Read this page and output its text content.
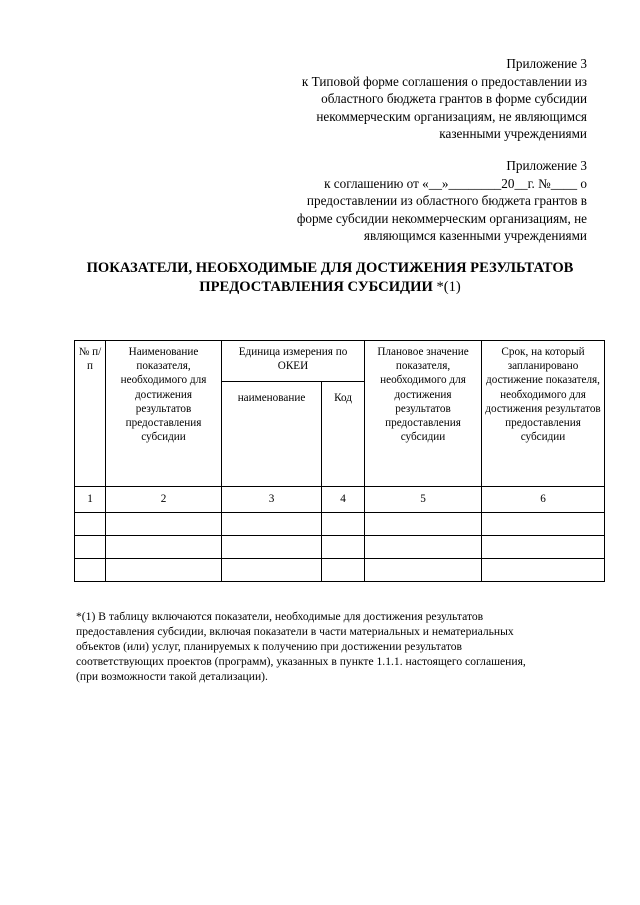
Приложение 3
к Типовой форме соглашения о предоставлении из
областного бюджета грантов в форме субсидии
некоммерческим организациям, не являющимся
казенными учреждениями
Приложение 3
к соглашению от «__»________20__г. №____ о
предоставлении из областного бюджета грантов в
форме субсидии некоммерческим организациям, не
являющимся казенными учреждениями
ПОКАЗАТЕЛИ, НЕОБХОДИМЫЕ ДЛЯ ДОСТИЖЕНИЯ РЕЗУЛЬТАТОВ
ПРЕДОСТАВЛЕНИЯ СУБСИДИИ *(1)
№ п/п	Наименование показателя, необходимого для достижения результатов предоставления субсидии	Единица измерения по ОКЕИ		Плановое значение показателя, необходимого для достижения результатов предоставления субсидии	Срок, на который запланировано достижение показателя, необходимого для достижения результатов предоставления субсидии
		наименование	Код		
1	2	3	4	5	6

*(1) В таблицу включаются показатели, необходимые для достижения результатов
предоставления субсидии, включая показатели в части материальных и нематериальных
объектов (или) услуг, планируемых к получению при достижении результатов
соответствующих проектов (программ), указанных в пункте 1.1.1. настоящего соглашения,
(при возможности такой детализации).
